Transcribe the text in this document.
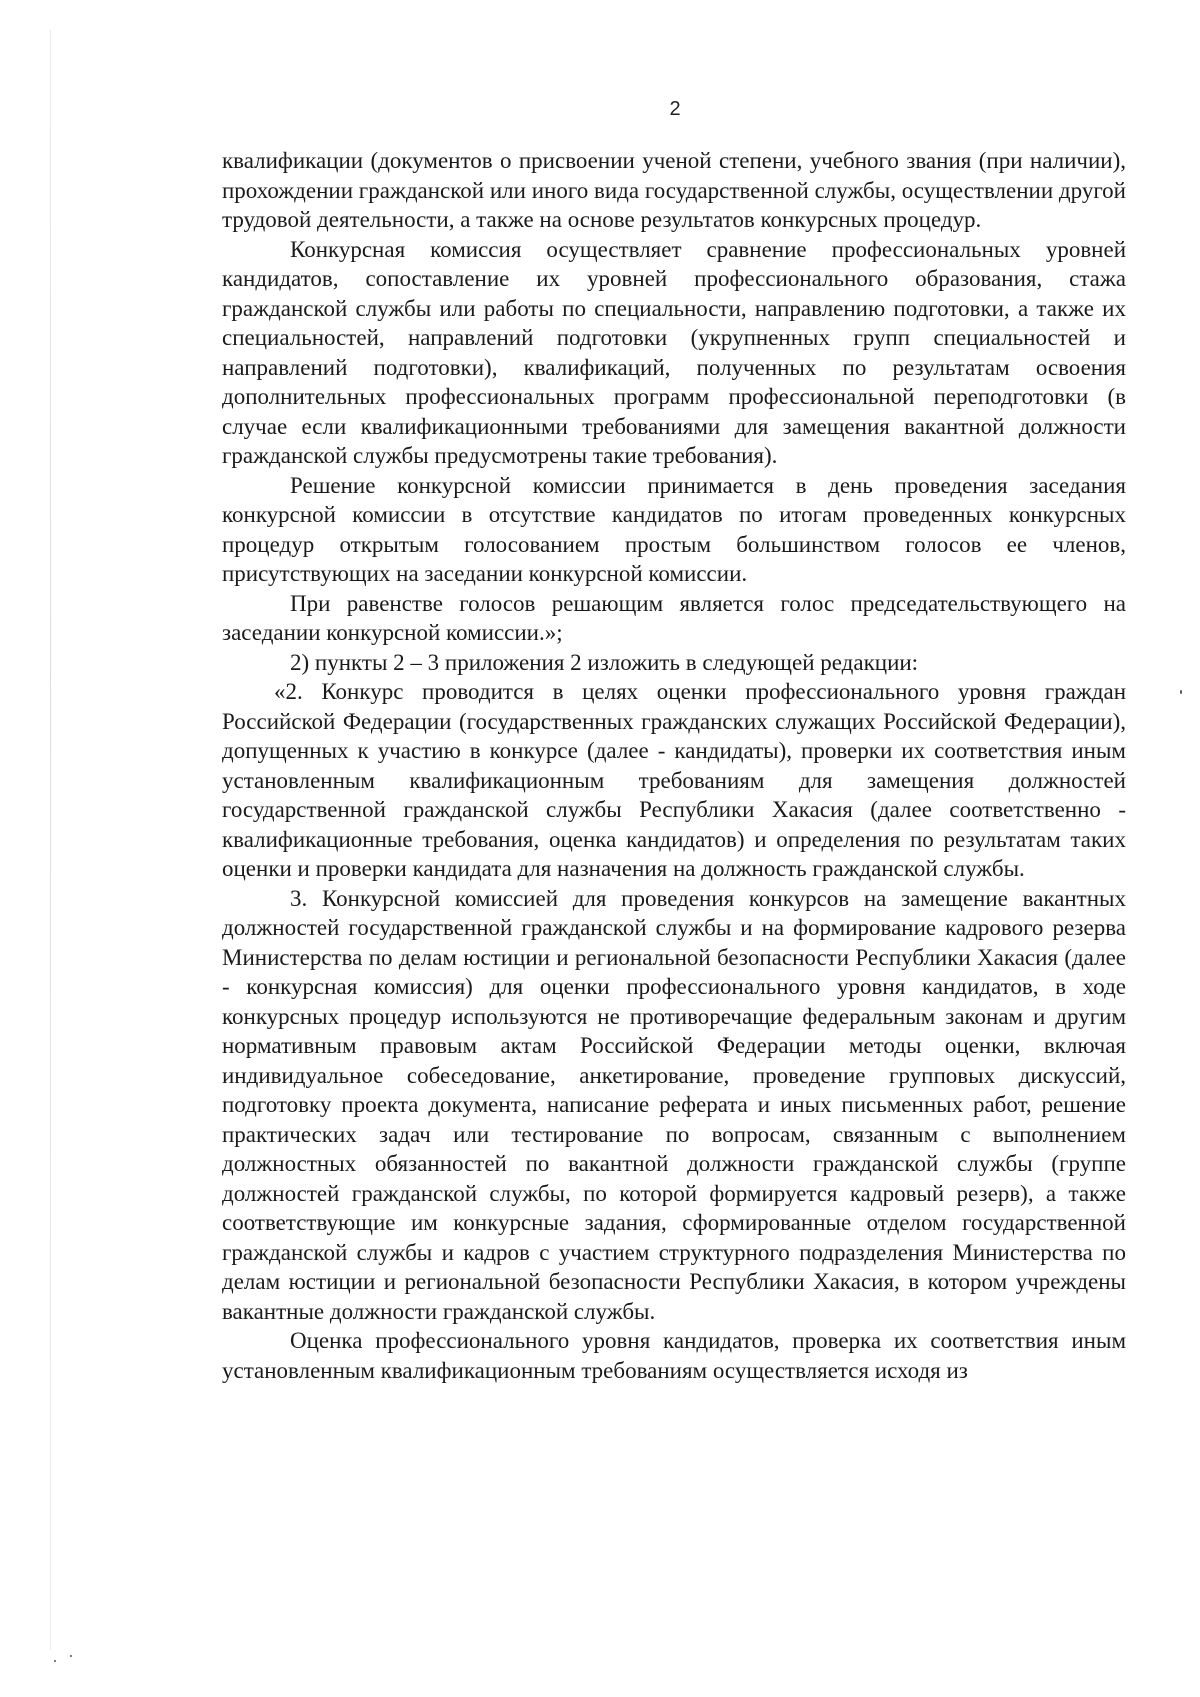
2

квалификации (документов о присвоении ученой степени, учебного звания (при наличии), прохождении гражданской или иного вида государственной службы, осуществлении другой трудовой деятельности, а также на основе результатов конкурсных процедур.

Конкурсная комиссия осуществляет сравнение профессиональных уровней кандидатов, сопоставление их уровней профессионального образования, стажа гражданской службы или работы по специальности, направлению подготовки, а также их специальностей, направлений подготовки (укрупненных групп специальностей и направлений подготовки), квалификаций, полученных по результатам освоения дополнительных профессиональных программ профессиональной переподготовки (в случае если квалификационными требованиями для замещения вакантной должности гражданской службы предусмотрены такие требования).

Решение конкурсной комиссии принимается в день проведения заседания конкурсной комиссии в отсутствие кандидатов по итогам проведенных конкурсных процедур открытым голосованием простым большинством голосов ее членов, присутствующих на заседании конкурсной комиссии.

При равенстве голосов решающим является голос председательствующего на заседании конкурсной комиссии.»;

2) пункты 2 – 3 приложения 2 изложить в следующей редакции:

«2. Конкурс проводится в целях оценки профессионального уровня граждан Российской Федерации (государственных гражданских служащих Российской Федерации), допущенных к участию в конкурсе (далее - кандидаты), проверки их соответствия иным установленным квалификационным требованиям для замещения должностей государственной гражданской службы Республики Хакасия (далее соответственно - квалификационные требования, оценка кандидатов) и определения по результатам таких оценки и проверки кандидата для назначения на должность гражданской службы.

3. Конкурсной комиссией для проведения конкурсов на замещение вакантных должностей государственной гражданской службы и на формирование кадрового резерва Министерства по делам юстиции и региональной безопасности Республики Хакасия (далее - конкурсная комиссия) для оценки профессионального уровня кандидатов, в ходе конкурсных процедур используются не противоречащие федеральным законам и другим нормативным правовым актам Российской Федерации методы оценки, включая индивидуальное собеседование, анкетирование, проведение групповых дискуссий, подготовку проекта документа, написание реферата и иных письменных работ, решение практических задач или тестирование по вопросам, связанным с выполнением должностных обязанностей по вакантной должности гражданской службы (группе должностей гражданской службы, по которой формируется кадровый резерв), а также соответствующие им конкурсные задания, сформированные отделом государственной гражданской службы и кадров с участием структурного подразделения Министерства по делам юстиции и региональной безопасности Республики Хакасия, в котором учреждены вакантные должности гражданской службы.

Оценка профессионального уровня кандидатов, проверка их соответствия иным установленным квалификационным требованиям осуществляется исходя из
